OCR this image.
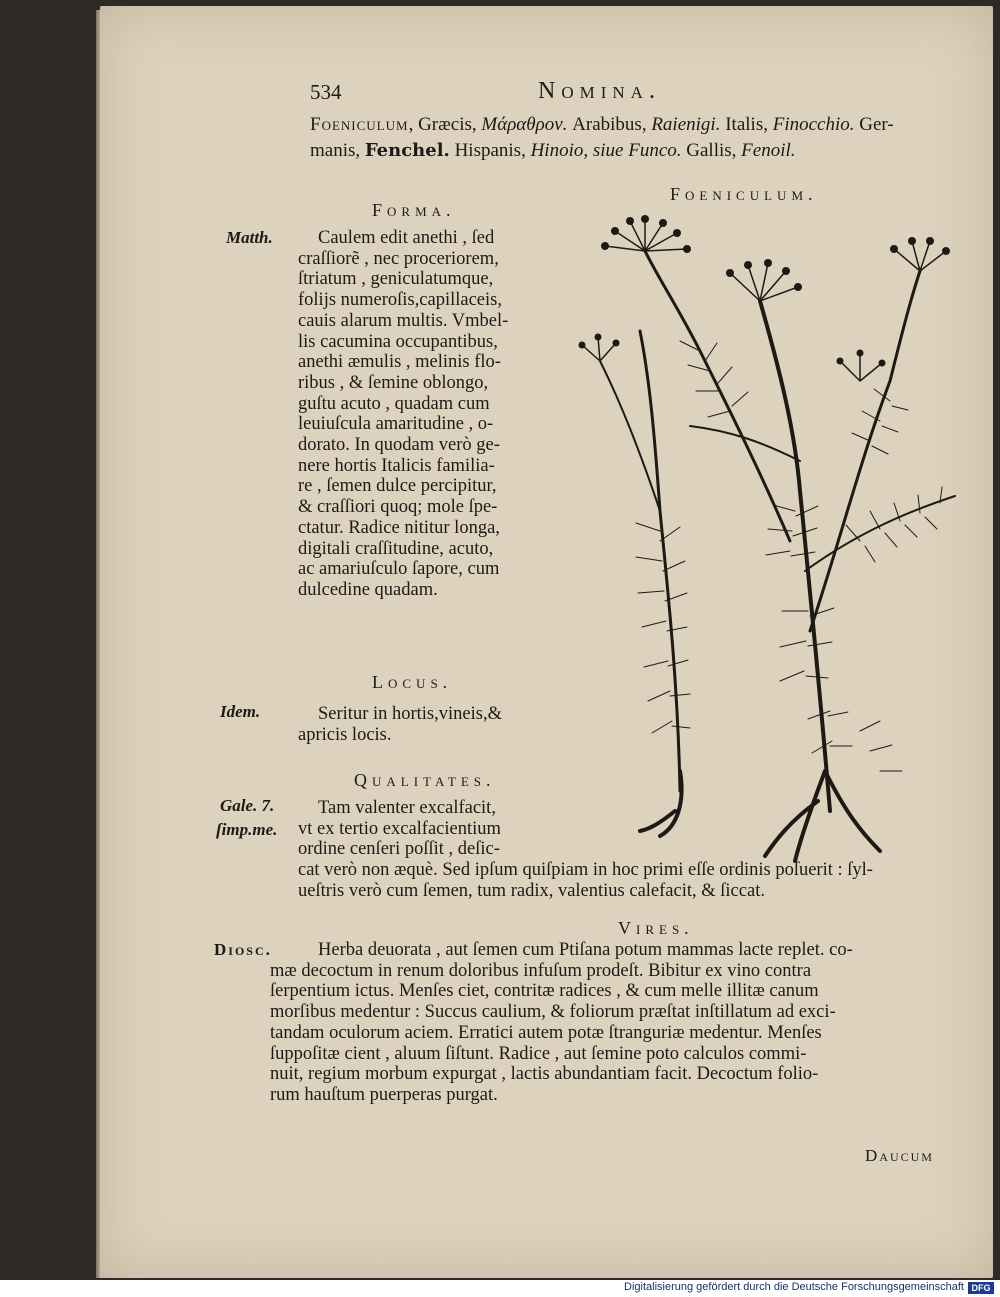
534	Nomina.
Foeniculum, Græcis, Μάραθρον. Arabibus, Raienigi. Italis, Finocchio. Ger-
manis, Fenchel. Hispanis, Hinoio, siue Funco. Gallis, Fenoil.
Foeniculum.
Forma.
Matth. Caulem edit anethi , ſed
craſſiorẽ , nec proceriorem,
ſtriatum , geniculatumque,
folijs numeroſis,capillaceis,
cauis alarum multis. Vmbel-
lis cacumina occupantibus,
anethi æmulis , melinis flo-
ribus , & ſemine oblongo,
guſtu acuto , quadam cum
leuiuſcula amaritudine , o-
dorato. In quodam verò ge-
nere hortis Italicis familia-
re , ſemen dulce percipitur,
& craſſiori quoq; mole ſpe-
ctatur. Radice nititur longa,
digitali craſſitudine, acuto,
ac amariuſculo ſapore, cum
dulcedine quadam.
Locus.
Idem.	Seritur in hortis,vineis,&
apricis locis.
Qualitates.
Gale. 7.
ſimp.me.
Tam valenter excalfacit,
vt ex tertio excalfacientium
ordine cenſeri poſſit , deſic-
cat verò non æquè. Sed ipſum quiſpiam in hoc primi eſſe ordinis poſuerit : ſyl-
ueſtris verò cum ſemen, tum radix, valentius calefacit, & ſiccat.
Vires.
Diosc. Herba deuorata , aut ſemen cum Ptiſana potum mammas lacte replet. co-
mæ decoctum in renum doloribus infuſum prodeſt. Bibitur ex vino contra
ſerpentium ictus. Menſes ciet, contritæ radices , & cum melle illitæ canum
morſibus medentur : Succus caulium, & foliorum præſtat inſtillatum ad exci-
tandam oculorum aciem. Erratici autem potæ ſtranguriæ medentur. Menſes
ſuppoſitæ cient , aluum ſiſtunt. Radice , aut ſemine poto calculos commi-
nuit, regium morbum expurgat , lactis abundantiam facit. Decoctum folio-
rum hauſtum puerperas purgat.
Daucum
Digitalisierung gefördert durch die Deutsche Forschungsgemeinschaft DFG
